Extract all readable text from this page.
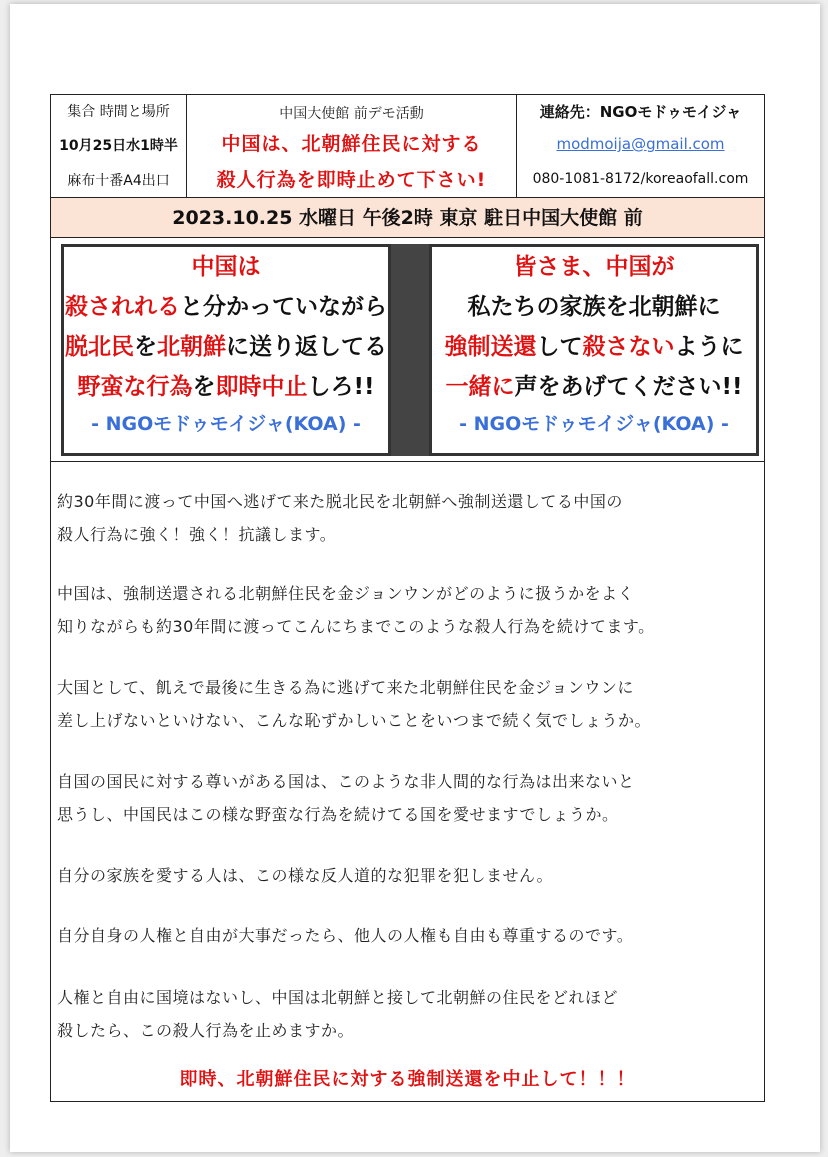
集合 時間と場所
10月25日水1時半
麻布十番A4出口
中国大使館 前デモ活動
中国は、北朝鮮住民に対する
殺人行為を即時止めて下さい!
連絡先：NGOモドゥモイジャ
modmoija@gmail.com
080-1081-8172/koreaofall.com
2023.10.25 水曜日 午後2時 東京 駐日中国大使館 前
中国は
殺されれると分かっていながら
脱北民を北朝鮮に送り返してる
野蛮な行為を即時中止しろ!!
- NGOモドゥモイジャ(KOA) -
皆さま、中国が
私たちの家族を北朝鮮に
強制送還して殺さないように
一緒に声をあげてください!!
- NGOモドゥモイジャ(KOA) -
約30年間に渡って中国へ逃げて来た脱北民を北朝鮮へ強制送還してる中国の
殺人行為に強く！強く！抗議します。
中国は、強制送還される北朝鮮住民を金ジョンウンがどのように扱うかをよく
知りながらも約30年間に渡ってこんにちまでこのような殺人行為を続けてます。
大国として、飢えで最後に生きる為に逃げて来た北朝鮮住民を金ジョンウンに
差し上げないといけない、こんな恥ずかしいことをいつまで続く気でしょうか。
自国の国民に対する尊いがある国は、このような非人間的な行為は出来ないと
思うし、中国民はこの様な野蛮な行為を続けてる国を愛せますでしょうか。
自分の家族を愛する人は、この様な反人道的な犯罪を犯しません。
自分自身の人権と自由が大事だったら、他人の人権も自由も尊重するのです。
人権と自由に国境はないし、中国は北朝鮮と接して北朝鮮の住民をどれほど
殺したら、この殺人行為を止めますか。
即時、北朝鮮住民に対する強制送還を中止して！！！
